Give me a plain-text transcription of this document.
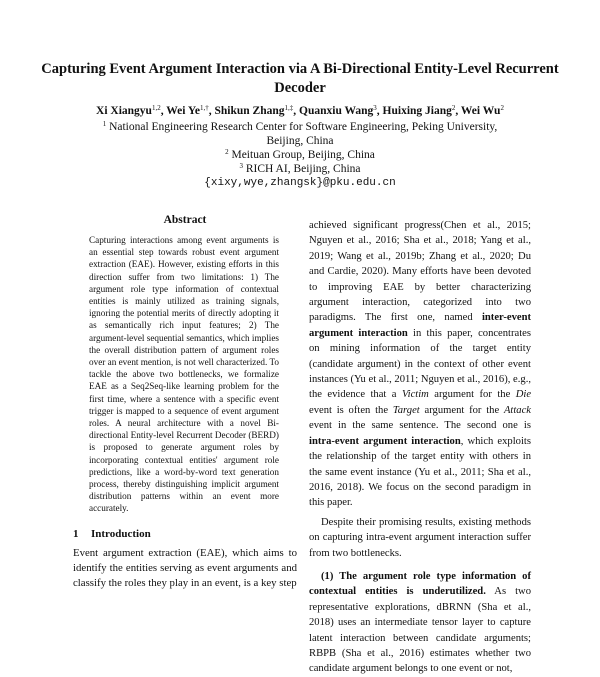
Capturing Event Argument Interaction via A Bi-Directional Entity-Level Recurrent Decoder
Xi Xiangyu$^{1,2}$, Wei $Ye^{1,\dagger}$, Shikun Zhang$^{1,\ddagger}$, Quanxiu Wang$^3$, Huixing Jiang$^2$, Wei Wu$^2$
$^1$ National Engineering Research Center for Software Engineering, Peking University,
Beijing, China
$^2$ Meituan Group, Beijing, China
$^3$ RICH AI, Beijing, China
{xixy,wye,zhangsk}@pku.edu.cn
Abstract
Capturing interactions among event arguments is an essential step towards robust event argument extraction (EAE). However, existing efforts in this direction suffer from two limitations: 1) The argument role type information of contextual entities is mainly utilized as training signals, ignoring the potential merits of directly adopting it as semantically rich input features; 2) The argument-level sequential semantics, which implies the overall distribution pattern of argument roles over an event mention, is not well characterized. To tackle the above two bottlenecks, we formalize EAE as a Seq2Seq-like learning problem for the first time, where a sentence with a specific event trigger is mapped to a sequence of event argument roles. A neural architecture with a novel Bi-directional Entity-level Recurrent Decoder (BERD) is proposed to generate argument roles by incorporating contextual entities' argument role predictions, like a word-by-word text generation process, thereby distinguishing implicit argument distribution patterns within an event more accurately.
1 Introduction
Event argument extraction (EAE), which aims to identify the entities serving as event arguments and classify the roles they play in an event, is a key step

achieved significant progress(Chen et al., 2015; Nguyen et al., 2016; Sha et al., 2018; Yang et al., 2019; Wang et al., 2019b; Zhang et al., 2020; Du and Cardie, 2020). Many efforts have been devoted to improving EAE by better characterizing argument interaction, categorized into two paradigms. The first one, named inter-event argument interaction in this paper, concentrates on mining information of the target entity (candidate argument) in the context of other event instances (Yu et al., 2011; Nguyen et al., 2016), e.g., the evidence that a Victim argument for the Die event is often the Target argument for the Attack event in the same sentence. The second one is intra-event argument interaction, which exploits the relationship of the target entity with others in the same event instance (Yu et al., 2011; Sha et al., 2016, 2018). We focus on the second paradigm in this paper.

Despite their promising results, existing methods on capturing intra-event argument interaction suffer from two bottlenecks.

(1) The argument role type information of contextual entities is underutilized. As two representative explorations, dBRNN (Sha et al., 2018) uses an intermediate tensor layer to capture latent interaction between candidate arguments; RBPB (Sha et al., 2016) estimates whether two candidate argument belongs to one event or not,
